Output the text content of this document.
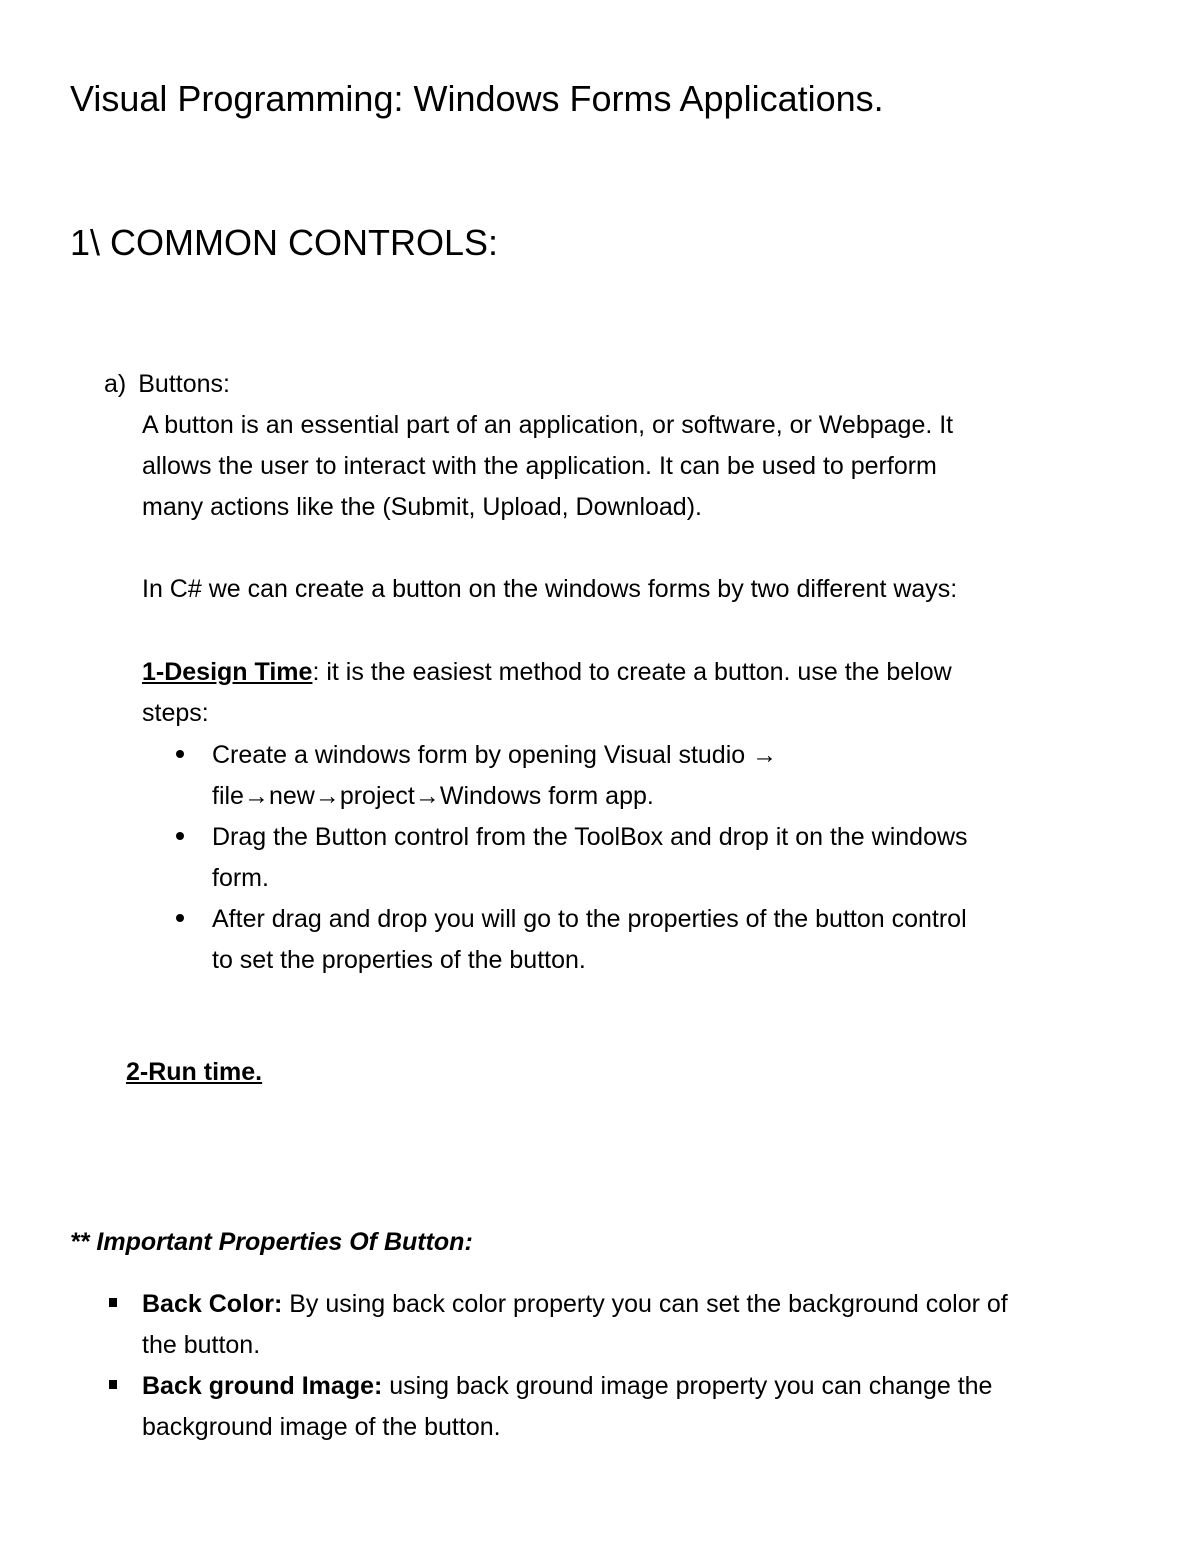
Visual Programming: Windows Forms Applications.
1\ COMMON CONTROLS:
a) Buttons:
A button is an essential part of an application, or software, or Webpage. It
allows the user to interact with the application. It can be used to perform
many actions like the (Submit, Upload, Download).
In C# we can create a button on the windows forms by two different ways:
1-Design Time: it is the easiest method to create a button. use the below
steps:
Create a windows form by opening Visual studio →
file→new→project→Windows form app.
Drag the Button control from the ToolBox and drop it on the windows
form.
After drag and drop you will go to the properties of the button control
to set the properties of the button.
2-Run time.
** Important Properties Of Button:
Back Color: By using back color property you can set the background color of
the button.
Back ground Image: using back ground image property you can change the
background image of the button.
